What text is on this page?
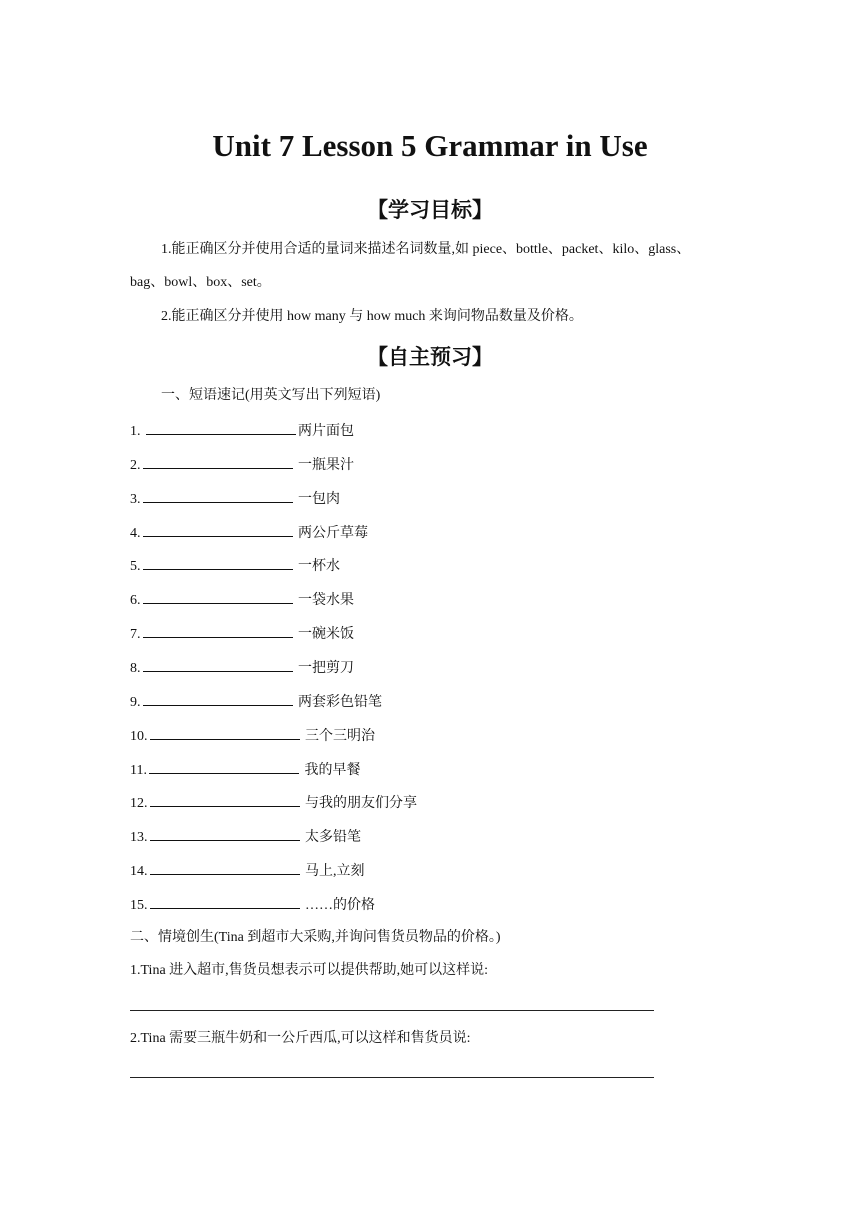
Unit 7 Lesson 5 Grammar in Use
【学习目标】
1.能正确区分并使用合适的量词来描述名词数量,如 piece、bottle、packet、kilo、glass、
bag、bowl、box、set。
2.能正确区分并使用 how many 与 how much 来询问物品数量及价格。
【自主预习】
一、短语速记(用英文写出下列短语)
1.	两片面包
2.	一瓶果汁
3.	一包肉
4.	两公斤草莓
5.	一杯水
6.	一袋水果
7.	一碗米饭
8.	一把剪刀
9.	两套彩色铅笔
10.	三个三明治
11.	我的早餐
12.	与我的朋友们分享
13.	太多铅笔
14.	马上,立刻
15.	……的价格
二、情境创生(Tina 到超市大采购,并询问售货员物品的价格。)
1.Tina 进入超市,售货员想表示可以提供帮助,她可以这样说:
2.Tina 需要三瓶牛奶和一公斤西瓜,可以这样和售货员说:
